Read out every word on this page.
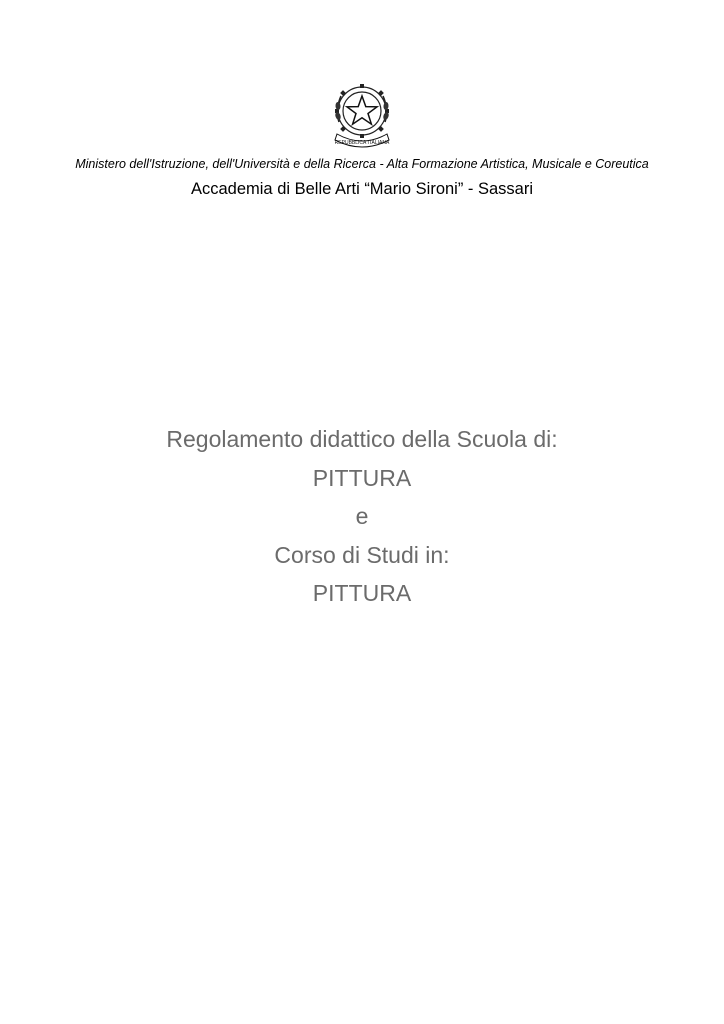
REPUBBLICA ITALIANA
Ministero dell'Istruzione, dell'Università e della Ricerca - Alta Formazione Artistica, Musicale e Coreutica
Accademia di Belle Arti “Mario Sironi” - Sassari
Regolamento didattico della Scuola di:
PITTURA
e
Corso di Studi in:
PITTURA
